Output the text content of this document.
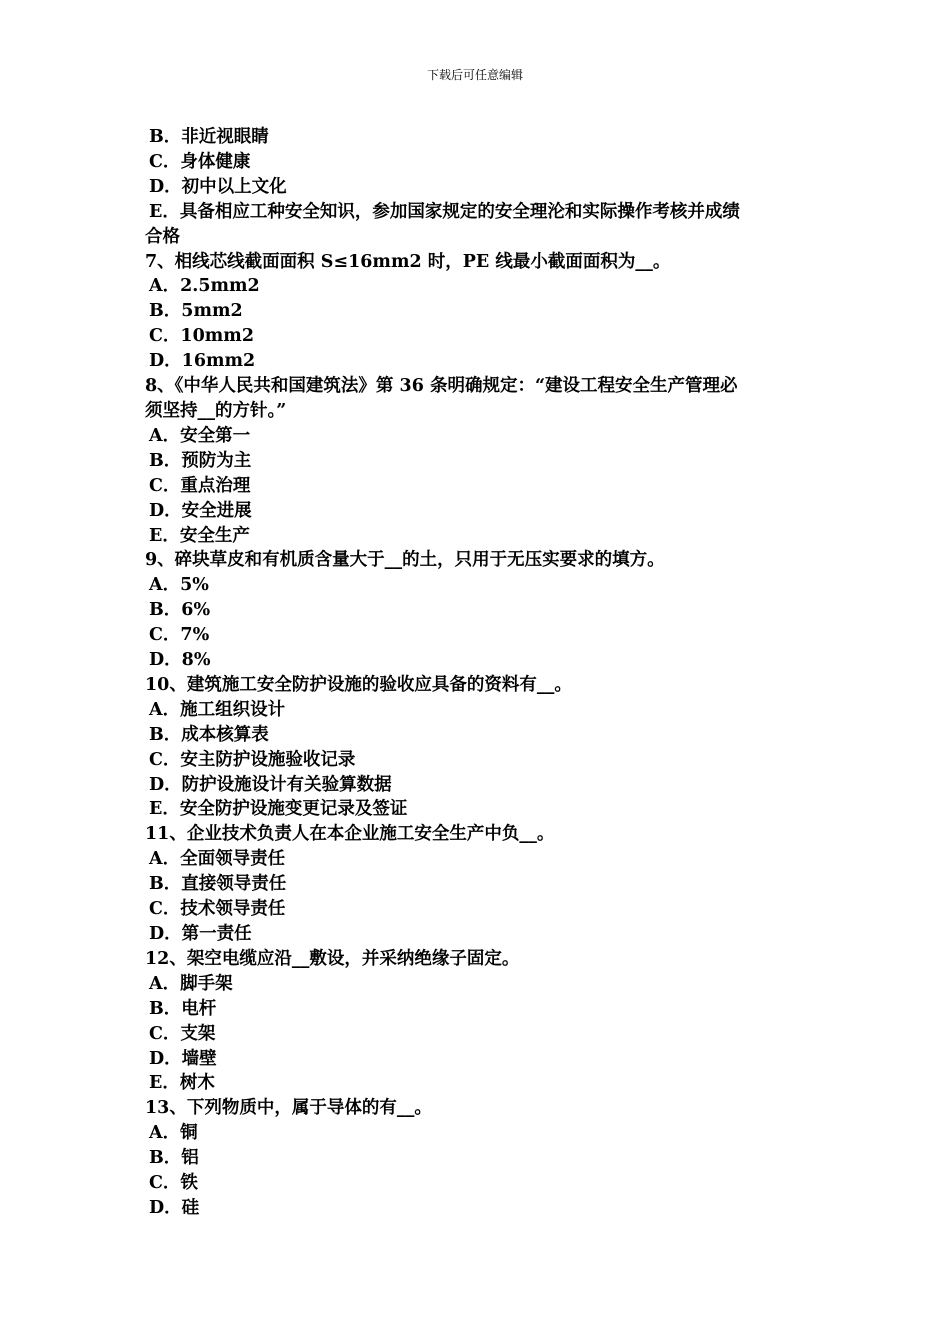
下载后可任意编辑
B．非近视眼睛
C．身体健康
D．初中以上文化
E．具备相应工种安全知识，参加国家规定的安全理沦和实际操作考核并成绩
合格
7、相线芯线截面面积 S≤16mm2 时，PE 线最小截面面积为__。
A．2.5mm2
B．5mm2
C．10mm2
D．16mm2
8、《中华人民共和国建筑法》第 36 条明确规定：“建设工程安全生产管理必
须坚持__的方针。”
A．安全第一
B．预防为主
C．重点治理
D．安全进展
E．安全生产
9、碎块草皮和有机质含量大于__的土，只用于无压实要求的填方。
A．5%
B．6%
C．7%
D．8%
10、建筑施工安全防护设施的验收应具备的资料有__。
A．施工组织设计
B．成本核算表
C．安主防护设施验收记录
D．防护设施设计有关验算数据
E．安全防护设施变更记录及签证
11、企业技术负责人在本企业施工安全生产中负__。
A．全面领导责任
B．直接领导责任
C．技术领导责任
D．第一责任
12、架空电缆应沿__敷设，并采纳绝缘子固定。
A．脚手架
B．电杆
C．支架
D．墙壁
E．树木
13、下列物质中，属于导体的有__。
A．铜
B．铝
C．铁
D．硅
